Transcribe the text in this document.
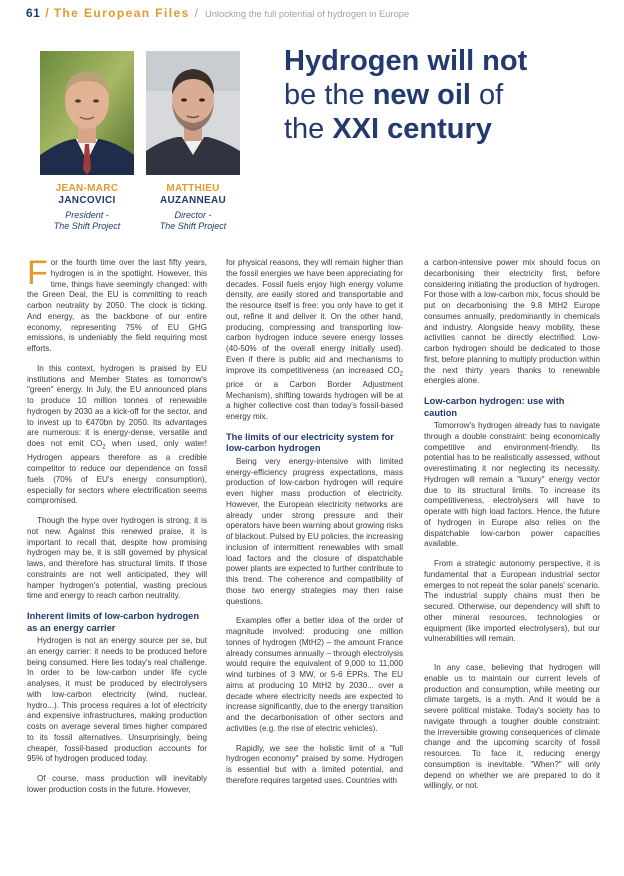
61 / The European Files / Unlocking the full potential of hydrogen in Europe
JEAN-MARC
JANCOVICI
President -
The Shift Project
MATTHIEU
AUZANNEAU
Director -
The Shift Project
Hydrogen will not
be the new oil of
the XXI century

For the fourth time over the last fifty years, hydrogen is in the spotlight. However, this time, things have seemingly changed: with the Green Deal, the EU is committing to reach carbon neutrality by 2050. The clock is ticking. And energy, as the backbone of our entire economy, representing 75% of EU GHG emissions, is undeniably the field requiring most efforts.

In this context, hydrogen is praised by EU institutions and Member States as tomorrow's "green" energy. In July, the EU announced plans to produce 10 million tonnes of renewable hydrogen by 2030 as a kick-off for the sector, and to invest up to €470bn by 2050. Its advantages are numerous: it is energy-dense, versatile and does not emit $CO_2$ when used, only water! Hydrogen appears therefore as a credible competitor to reduce our dependence on fossil fuels (70% of EU's energy consumption), especially for sectors where electrification seems compromised.

Though the hype over hydrogen is strong, it is not new. Against this renewed praise, it is important to recall that, despite how promising hydrogen may be, it is still governed by physical laws, and therefore has structural limits. If those constraints are not well anticipated, they will hamper hydrogen's potential, wasting precious time and energy to reach carbon neutrality.

Inherent limits of low-carbon hydrogen as an energy carrier

Hydrogen is not an energy source per se, but an energy carrier: it needs to be produced before being consumed. Here lies today's real challenge. In order to be low-carbon under life cycle analyses, it must be produced by electrolysers with low-carbon electricity (wind, nuclear, hydro...). This process requires a lot of electricity and expensive infrastructures, making production costs on average several times higher compared to its fossil alternatives. Unsurprisingly, being cheaper, fossil-based production accounts for 95% of hydrogen produced today.

Of course, mass production will inevitably lower production costs in the future. However,

for physical reasons, they will remain higher than the fossil energies we have been appreciating for decades. Fossil fuels enjoy high energy volume density, are easily stored and transportable and the resource itself is free: you only have to get it out, refine it and deliver it. On the other hand, producing, compressing and transporting low-carbon hydrogen induce severe energy losses (40-50% of the overall energy initially used). Even if there is public aid and mechanisms to improve its competitiveness (an increased $CO_2$ price or a Carbon Border Adjustment Mechanism), shifting towards hydrogen will be at a higher collective cost than today's fossil-based energy mix.

The limits of our electricity system for low-carbon hydrogen

Being very energy-intensive with limited energy-efficiency progress expectations, mass production of low-carbon hydrogen will require even higher mass production of electricity. However, the European electricity networks are already under strong pressure and their operators have been warning about growing risks of blackout. Pulsed by EU policies, the increasing inclusion of intermittent renewables with small load factors and the closure of dispatchable power plants are expected to further contribute to this trend. The coherence and compatibility of those two energy strategies may then raise questions.

Examples offer a better idea of the order of magnitude involved: producing one million tonnes of hydrogen (MtH2) – the amount France already consumes annually – through electrolysis would require the equivalent of 9,000 to 11,000 wind turbines of 3 MW, or 5-6 EPRs. The EU aims at producing 10 MtH2 by 2030... over a decade where electricity needs are expected to increase significantly, due to the energy transition and the decarbonisation of other sectors and activities (e.g. the rise of electric vehicles).

Rapidly, we see the holistic limit of a "full hydrogen economy" praised by some. Hydrogen is essential but with a limited potential, and therefore requires targeted uses. Countries with

a carbon-intensive power mix should focus on decarbonising their electricity first, before considering initiating the production of hydrogen. For those with a low-carbon mix, focus should be put on decarbonising the 9.8 MtH2 Europe consumes annually, predominantly in chemicals and industry. Alongside heavy mobility, these activities cannot be directly electrified. Low-carbon hydrogen should be dedicated to those first, before planning to multiply production within the next thirty years thanks to renewable energies alone.

Low-carbon hydrogen: use with caution

Tomorrow's hydrogen already has to navigate through a double constraint: being economically competitive and environment-friendly. Its potential has to be realistically assessed, without overestimating it nor neglecting its necessity. Hydrogen will remain a "luxury" energy vector due to its structural limits. To increase its competitiveness, electrolysers will have to operate with high load factors. Hence, the future of hydrogen in Europe also relies on the dispatchable low-carbon power capacities available.

From a strategic autonomy perspective, it is fundamental that a European industrial sector emerges to not repeat the solar panels' scenario. The industrial supply chains must then be secured. Otherwise, our dependency will shift to other mineral resources, technologies or equipment (like imported electrolysers), but our vulnerabilities will remain.

In any case, believing that hydrogen will enable us to maintain our current levels of production and consumption, while meeting our climate targets, is a myth. And it would be a severe political mistake. Today's society has to navigate through a tougher double constraint: the irreversible growing consequences of climate change and the upcoming scarcity of fossil resources. To face it, reducing energy consumption is inevitable. "When?" will only depend on whether we are prepared to do it willingly, or not.
